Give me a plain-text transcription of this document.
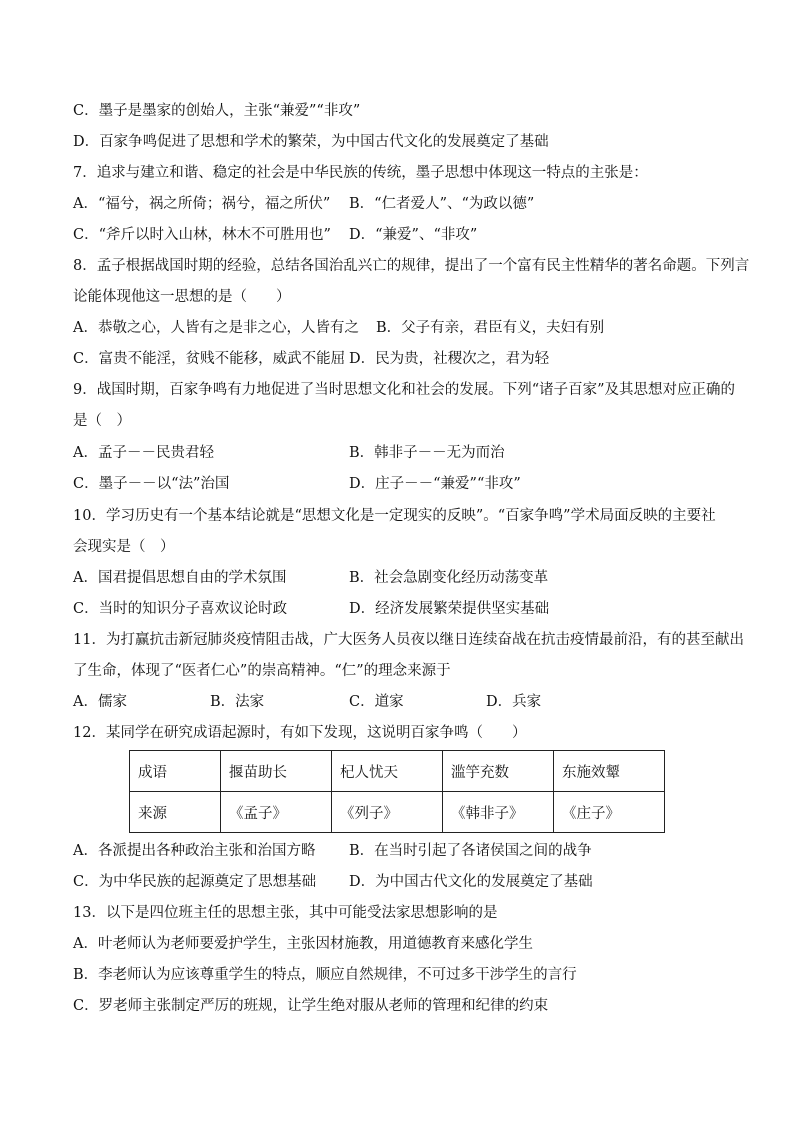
C．墨子是墨家的创始人，主张“兼爱”“非攻”
D．百家争鸣促进了思想和学术的繁荣，为中国古代文化的发展奠定了基础
7．追求与建立和谐、稳定的社会是中华民族的传统，墨子思想中体现这一特点的主张是：
A．“福兮，祸之所倚；祸兮，福之所伏” B．“仁者爱人”、“为政以德”
C．“斧斤以时入山林，林木不可胜用也” D．“兼爱”、“非攻”
8．孟子根据战国时期的经验，总结各国治乱兴亡的规律，提出了一个富有民主性精华的著名命题。下列言
论能体现他这一思想的是（　　）
A．恭敬之心，人皆有之是非之心，人皆有之 B．父子有亲，君臣有义，夫妇有别
C．富贵不能淫，贫贱不能移，威武不能屈 D．民为贵，社稷次之，君为轻
9．战国时期，百家争鸣有力地促进了当时思想文化和社会的发展。下列“诸子百家”及其思想对应正确的
是（　）
A．孟子－－民贵君轻	B．韩非子－－无为而治
C．墨子－－以“法”治国	D．庄子－－“兼爱”“非攻”
10．学习历史有一个基本结论就是“思想文化是一定现实的反映”。“百家争鸣”学术局面反映的主要社
会现实是（　）
A．国君提倡思想自由的学术氛围	B．社会急剧变化经历动荡变革
C．当时的知识分子喜欢议论时政	D．经济发展繁荣提供坚实基础
11．为打赢抗击新冠肺炎疫情阻击战，广大医务人员夜以继日连续奋战在抗击疫情最前沿，有的甚至献出
了生命，体现了“医者仁心”的崇高精神。“仁”的理念来源于
A．儒家	B．法家	C．道家	D．兵家
12．某同学在研究成语起源时，有如下发现，这说明百家争鸣（　　）
成语	揠苗助长	杞人忧天	滥竽充数	东施效颦
来源	《孟子》	《列子》	《韩非子》	《庄子》
A．各派提出各种政治主张和治国方略 B．在当时引起了各诸侯国之间的战争
C．为中华民族的起源奠定了思想基础 D．为中国古代文化的发展奠定了基础
13．以下是四位班主任的思想主张，其中可能受法家思想影响的是
A．叶老师认为老师要爱护学生，主张因材施教，用道德教育来感化学生
B．李老师认为应该尊重学生的特点，顺应自然规律，不可过多干涉学生的言行
C．罗老师主张制定严厉的班规，让学生绝对服从老师的管理和纪律的约束
